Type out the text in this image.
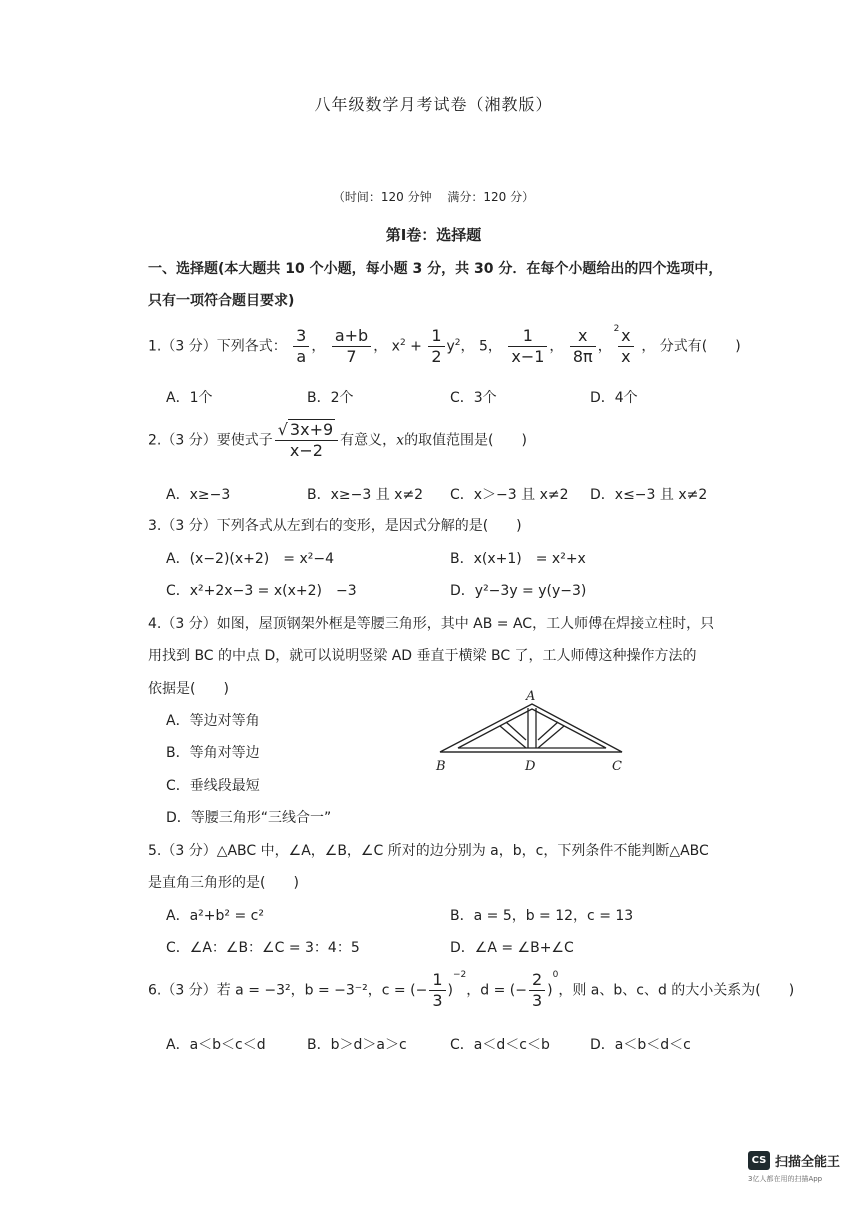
八年级数学月考试卷（湘教版）
（时间：120 分钟　 满分：120 分）
第Ⅰ卷：选择题
一、选择题(本大题共 10 个小题，每小题 3 分，共 30 分．在每个小题给出的四个选项中，
只有一项符合题目要求)
1.（3 分）下列各式： $\frac{3}{a}$ ， $\frac{a+b}{7}$ ， $x^2 + \frac{1}{2} y^2$， 5， $\frac{1}{x-1}$ ， $\frac{x}{8\pi}$ ， $\frac{x}{x}$
$^2$， 分式有(　　)
A．1个	B．2个	C．3个	D．4个
2.（3 分）要使式子 $\frac{√ 3x+9}{x-2}$ 有意义，x的取值范围是(　　)
A．x≥−3	B．x≥−3 且 x≠2 C．x＞−3 且 x≠2 D．x≤−3 且 x≠2
3.（3 分）下列各式从左到右的变形，是因式分解的是(　　)
A．(x−2)(x+2)　= x²−4	B．x(x+1)　= x²+x
C．x²+2x−3 = x(x+2)　−3	D．y²−3y = y(y−3)
4.（3 分）如图，屋顶钢架外框是等腰三角形，其中 AB = AC，工人师傅在焊接立柱时，只
用找到 BC 的中点 D，就可以说明竖梁 AD 垂直于横梁 BC 了，工人师傅这种操作方法的
依据是(　　)
A．等边对等角
B．等角对等边
C．垂线段最短
D．等腰三角形“三线合一”
A
B	D	C
5.（3 分）△ABC 中，∠A，∠B，∠C 所对的边分别为 a，b，c，下列条件不能判断△ABC
是直角三角形的是(　　)
A．a²+b² = c²	B．a = 5，b = 12，c = 13
C．∠A：∠B：∠C = 3：4：5	D．∠A = ∠B+∠C
6.（3 分）若 a = −3²，b = −3⁻²，c = (− $\frac{1}{3} )^{-2}$，d = (− $\frac{2}{3} )^0$，则 a、b、c、d 的大小关系为(　　)
A．a＜b＜c＜d	B．b＞d＞a＞c	C．a＜d＜c＜b	D．a＜b＜d＜c
CS 扫描全能王
3亿人都在用的扫描App
